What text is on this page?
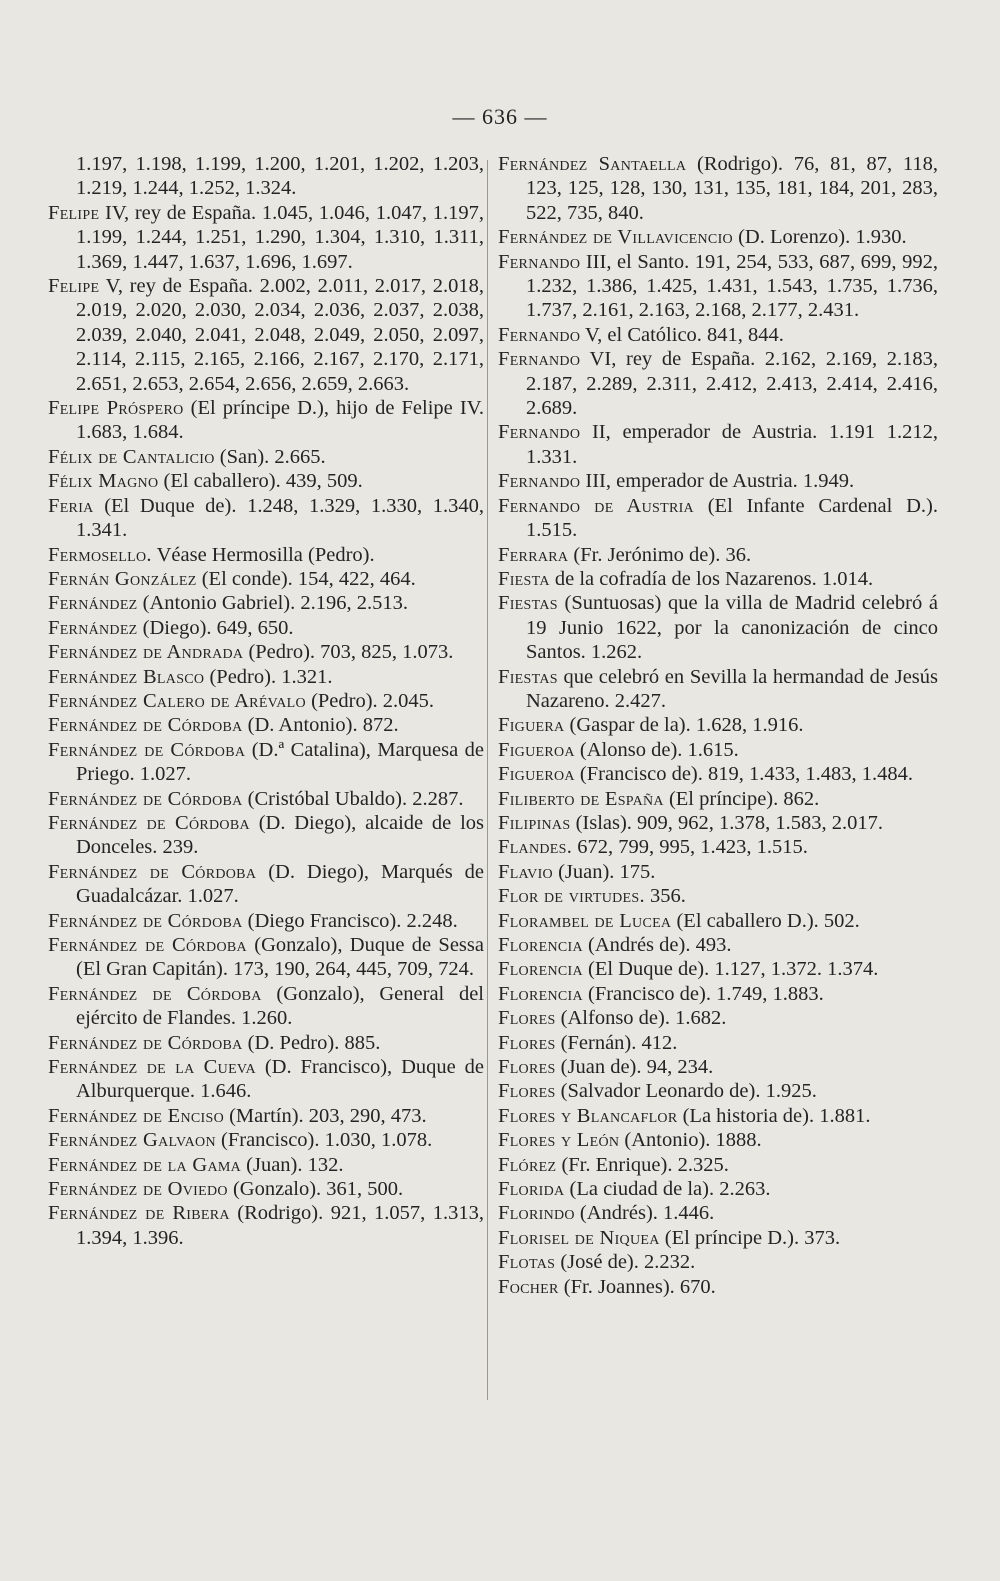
— 636 —

1.197, 1.198, 1.199, 1.200, 1.201, 1.202, 1.203, 1.219, 1.244, 1.252, 1.324.

Felipe IV, rey de España. 1.045, 1.046, 1.047, 1.197, 1.199, 1.244, 1.251, 1.290, 1.304, 1.310, 1.311, 1.369, 1.447, 1.637, 1.696, 1.697.

Felipe V, rey de España. 2.002, 2.011, 2.017, 2.018, 2.019, 2.020, 2.030, 2.034, 2.036, 2.037, 2.038, 2.039, 2.040, 2.041, 2.048, 2.049, 2.050, 2.097, 2.114, 2.115, 2.165, 2.166, 2.167, 2.170, 2.171, 2.651, 2.653, 2.654, 2.656, 2.659, 2.663.

Felipe Próspero (El príncipe D.), hijo de Felipe IV. 1.683, 1.684.

Félix de Cantalicio (San). 2.665.

Félix Magno (El caballero). 439, 509.

Feria (El Duque de). 1.248, 1.329, 1.330, 1.340, 1.341.

Fermosello. Véase Hermosilla (Pedro).

Fernán González (El conde). 154, 422, 464.

Fernández (Antonio Gabriel). 2.196, 2.513.

Fernández (Diego). 649, 650.

Fernández de Andrada (Pedro). 703, 825, 1.073.

Fernández Blasco (Pedro). 1.321.

Fernández Calero de Arévalo (Pedro). 2.045.

Fernández de Córdoba (D. Antonio). 872.

Fernández de Córdoba (D.ª Catalina), Marquesa de Priego. 1.027.

Fernández de Córdoba (Cristóbal Ubaldo). 2.287.

Fernández de Córdoba (D. Diego), alcaide de los Donceles. 239.

Fernández de Córdoba (D. Diego), Marqués de Guadalcázar. 1.027.

Fernández de Córdoba (Diego Francisco). 2.248.

Fernández de Córdoba (Gonzalo), Duque de Sessa (El Gran Capitán). 173, 190, 264, 445, 709, 724.

Fernández de Córdoba (Gonzalo), General del ejército de Flandes. 1.260.

Fernández de Córdoba (D. Pedro). 885.

Fernández de la Cueva (D. Francisco), Duque de Alburquerque. 1.646.

Fernández de Enciso (Martín). 203, 290, 473.

Fernández Galvaon (Francisco). 1.030, 1.078.

Fernández de la Gama (Juan). 132.

Fernández de Oviedo (Gonzalo). 361, 500.

Fernández de Ribera (Rodrigo). 921, 1.057, 1.313, 1.394, 1.396.

Fernández Santaella (Rodrigo). 76, 81, 87, 118, 123, 125, 128, 130, 131, 135, 181, 184, 201, 283, 522, 735, 840.

Fernández de Villavicencio (D. Lorenzo). 1.930.

Fernando III, el Santo. 191, 254, 533, 687, 699, 992, 1.232, 1.386, 1.425, 1.431, 1.543, 1.735, 1.736, 1.737, 2.161, 2.163, 2.168, 2.177, 2.431.

Fernando V, el Católico. 841, 844.

Fernando VI, rey de España. 2.162, 2.169, 2.183, 2.187, 2.289, 2.311, 2.412, 2.413, 2.414, 2.416, 2.689.

Fernando II, emperador de Austria. 1.191 1.212, 1.331.

Fernando III, emperador de Austria. 1.949.

Fernando de Austria (El Infante Cardenal D.). 1.515.

Ferrara (Fr. Jerónimo de). 36.

Fiesta de la cofradía de los Nazarenos. 1.014.

Fiestas (Suntuosas) que la villa de Madrid celebró á 19 Junio 1622, por la canonización de cinco Santos. 1.262.

Fiestas que celebró en Sevilla la hermandad de Jesús Nazareno. 2.427.

Figuera (Gaspar de la). 1.628, 1.916.

Figueroa (Alonso de). 1.615.

Figueroa (Francisco de). 819, 1.433, 1.483, 1.484.

Filiberto de España (El príncipe). 862.

Filipinas (Islas). 909, 962, 1.378, 1.583, 2.017.

Flandes. 672, 799, 995, 1.423, 1.515.

Flavio (Juan). 175.

Flor de virtudes. 356.

Florambel de Lucea (El caballero D.). 502.

Florencia (Andrés de). 493.

Florencia (El Duque de). 1.127, 1.372. 1.374.

Florencia (Francisco de). 1.749, 1.883.

Flores (Alfonso de). 1.682.

Flores (Fernán). 412.

Flores (Juan de). 94, 234.

Flores (Salvador Leonardo de). 1.925.

Flores y Blancaflor (La historia de). 1.881.

Flores y León (Antonio). 1888.

Flórez (Fr. Enrique). 2.325.

Florida (La ciudad de la). 2.263.

Florindo (Andrés). 1.446.

Florisel de Niquea (El príncipe D.). 373.

Flotas (José de). 2.232.

Focher (Fr. Joannes). 670.
